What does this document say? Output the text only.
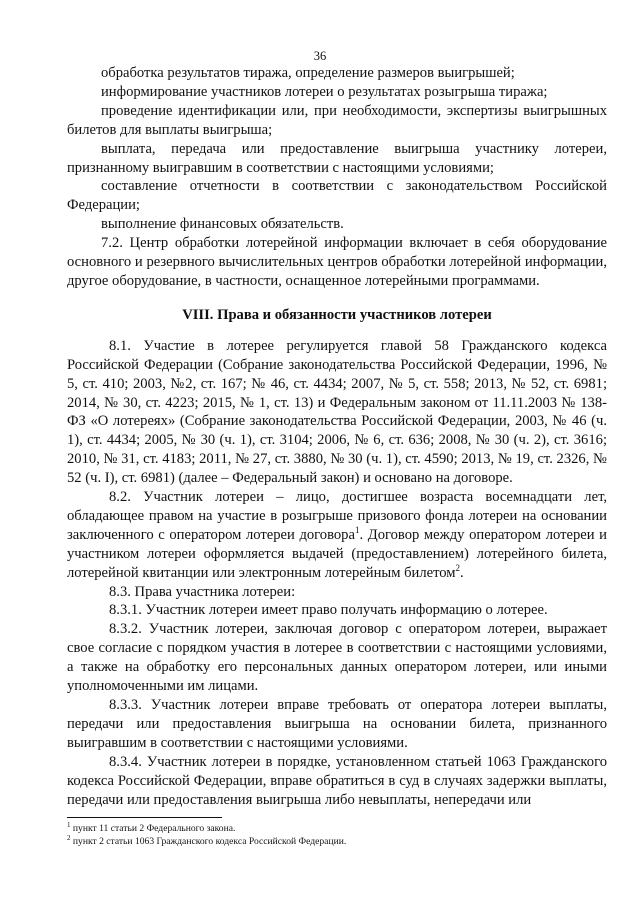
36

обработка результатов тиража, определение размеров выигрышей;

информирование участников лотереи о результатах розыгрыша тиража;

проведение идентификации или, при необходимости, экспертизы выигрышных билетов для выплаты выигрыша;

выплата, передача или предоставление выигрыша участнику лотереи, признанному выигравшим в соответствии с настоящими условиями;

составление отчетности в соответствии с законодательством Российской Федерации;

выполнение финансовых обязательств.

7.2. Центр обработки лотерейной информации включает в себя оборудование основного и резервного вычислительных центров обработки лотерейной информации, другое оборудование, в частности, оснащенное лотерейными программами.

VIII. Права и обязанности участников лотереи

8.1. Участие в лотерее регулируется главой 58 Гражданского кодекса Российской Федерации (Собрание законодательства Российской Федерации, 1996, № 5, ст. 410; 2003, №2, ст. 167; № 46, ст. 4434; 2007, № 5, ст. 558; 2013, № 52, ст. 6981; 2014, № 30, ст. 4223; 2015, № 1, ст. 13) и Федеральным законом от 11.11.2003 № 138-ФЗ «О лотереях» (Собрание законодательства Российской Федерации, 2003, № 46 (ч. 1), ст. 4434; 2005, № 30 (ч. 1), ст. 3104; 2006, № 6, ст. 636; 2008, № 30 (ч. 2), ст. 3616; 2010, № 31, ст. 4183; 2011, № 27, ст. 3880, № 30 (ч. 1), ст. 4590; 2013, № 19, ст. 2326, № 52 (ч. I), ст. 6981) (далее – Федеральный закон) и основано на договоре.

8.2. Участник лотереи – лицо, достигшее возраста восемнадцати лет, обладающее правом на участие в розыгрыше призового фонда лотереи на основании заключенного с оператором лотереи договора$^1$. Договор между оператором лотереи и участником лотереи оформляется выдачей (предоставлением) лотерейного билета, лотерейной квитанции или электронным лотерейным билетом$^2$.

8.3. Права участника лотереи:

8.3.1. Участник лотереи имеет право получать информацию о лотерее.

8.3.2. Участник лотереи, заключая договор с оператором лотереи, выражает свое согласие с порядком участия в лотерее в соответствии с настоящими условиями, а также на обработку его персональных данных оператором лотереи, или иными уполномоченными им лицами.

8.3.3. Участник лотереи вправе требовать от оператора лотереи выплаты, передачи или предоставления выигрыша на основании билета, признанного выигравшим в соответствии с настоящими условиями.

8.3.4. Участник лотереи в порядке, установленном статьей 1063 Гражданского кодекса Российской Федерации, вправе обратиться в суд в случаях задержки выплаты, передачи или предоставления выигрыша либо невыплаты, непередачи или

$^1$ пункт 11 статьи 2 Федерального закона.
$^2$ пункт 2 статьи 1063 Гражданского кодекса Российской Федерации.
